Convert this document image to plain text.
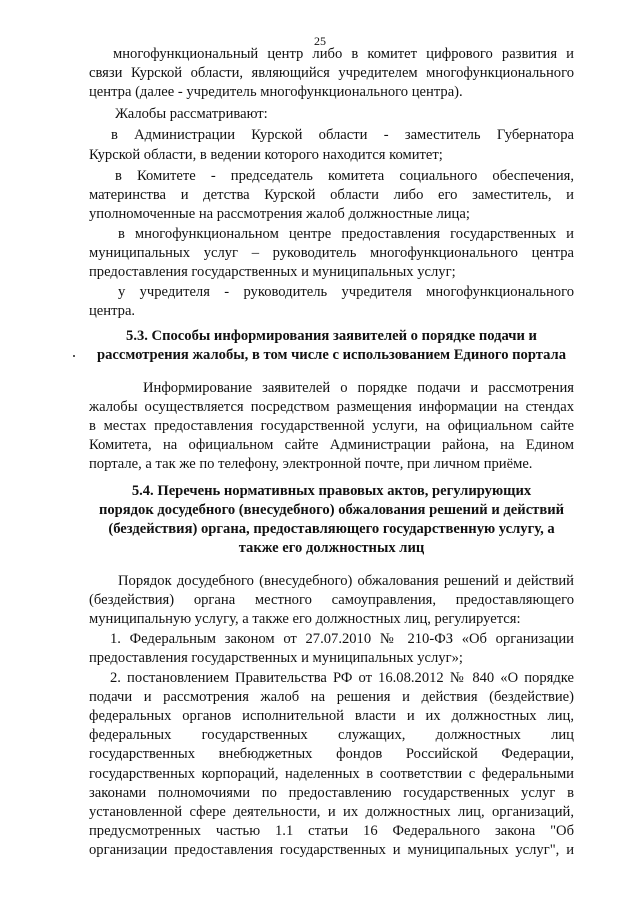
25
многофункциональный центр либо в комитет цифрового развития и
связи Курской области, являющийся учредителем многофункционального
центра (далее - учредитель многофункционального центра).
Жалобы рассматривают:
в Администрации Курской области - заместитель Губернатора
Курской области, в ведении которого находится комитет;
в Комитете - председатель комитета социального обеспечения,
материнства и детства Курской области либо его заместитель, и
уполномоченные на рассмотрения жалоб должностные лица;
в многофункциональном центре предоставления государственных и
муниципальных услуг – руководитель многофункционального центра
предоставления государственных и муниципальных услуг;
у учредителя - руководитель учредителя многофункционального
центра.
5.3. Способы информирования заявителей о порядке подачи и
рассмотрения жалобы, в том числе с использованием Единого портала
Информирование заявителей о порядке подачи и рассмотрения
жалобы осуществляется посредством размещения информации на стендах
в местах предоставления государственной услуги, на официальном сайте
Комитета, на официальном сайте Администрации района, на Едином
портале, а так же по телефону, электронной почте, при личном приёме.
5.4. Перечень нормативных правовых актов, регулирующих
порядок досудебного (внесудебного) обжалования решений и действий
(бездействия) органа, предоставляющего государственную услугу, а
также его должностных лиц
Порядок досудебного (внесудебного) обжалования решений и действий
(бездействия) органа местного самоуправления, предоставляющего
муниципальную услугу, а также его должностных лиц, регулируется:
1. Федеральным законом от 27.07.2010 № 210-ФЗ «Об организации
предоставления государственных и муниципальных услуг»;
2. постановлением Правительства РФ от 16.08.2012 № 840 «О порядке
подачи и рассмотрения жалоб на решения и действия (бездействие)
федеральных органов исполнительной власти и их должностных лиц,
федеральных государственных служащих, должностных лиц
государственных внебюджетных фондов Российской Федерации,
государственных корпораций, наделенных в соответствии с федеральными
законами полномочиями по предоставлению государственных услуг в
установленной сфере деятельности, и их должностных лиц, организаций,
предусмотренных частью 1.1 статьи 16 Федерального закона "Об
организации предоставления государственных и муниципальных услуг", и
